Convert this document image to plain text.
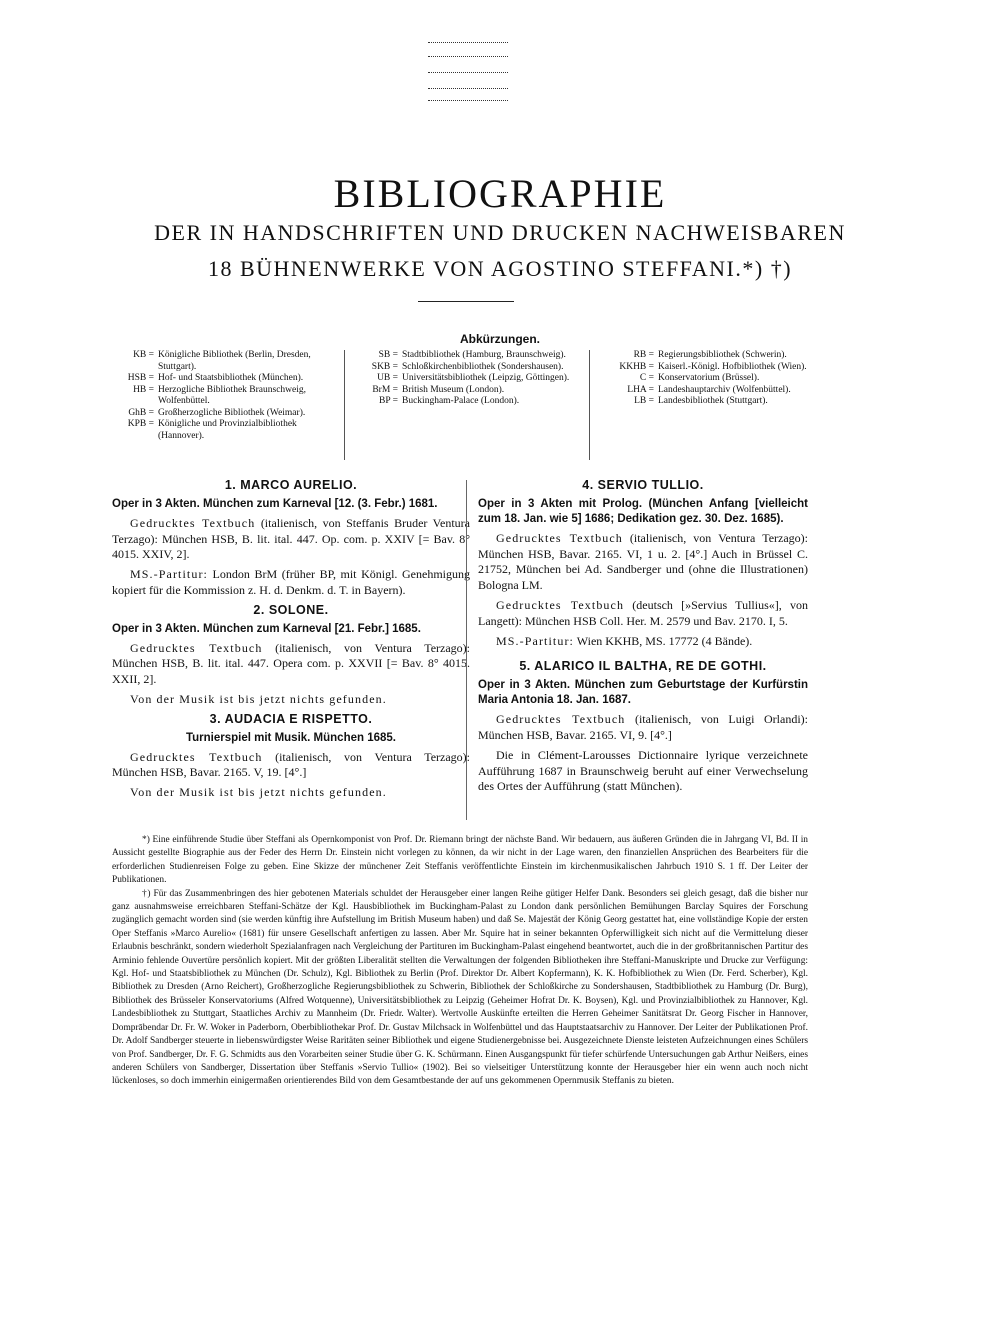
BIBLIOGRAPHIE
DER IN HANDSCHRIFTEN UND DRUCKEN NACHWEISBAREN
18 BÜHNENWERKE VON AGOSTINO STEFFANI.*) †)
Abkürzungen.
KB = Königliche Bibliothek (Berlin, Dresden, Stuttgart).
HSB = Hof- und Staatsbibliothek (München).
HB = Herzogliche Bibliothek Braunschweig, Wolfenbüttel.
GhB = Großherzogliche Bibliothek (Weimar).
KPB = Königliche und Provinzialbibliothek (Hannover).
SB = Stadtbibliothek (Hamburg, Braunschweig).
SKB = Schloßkirchenbibliothek (Sondershausen).
UB = Universitätsbibliothek (Leipzig, Göttingen).
BrM = British Museum (London).
BP = Buckingham-Palace (London).
RB = Regierungsbibliothek (Schwerin).
KKHB = Kaiserl.-Königl. Hofbibliothek (Wien).
C = Konservatorium (Brüssel).
LHA = Landeshauptarchiv (Wolfenbüttel).
LB = Landesbibliothek (Stuttgart).
1. MARCO AURELIO.
Oper in 3 Akten. München zum Karneval [12. (3. Febr.) 1681.

Gedrucktes Textbuch (italienisch, von Steffanis Bruder Ventura Terzago): München HSB, B. lit. ital. 447. Op. com. p. XXIV [= Bav. 8° 4015. XXIV, 2].

MS.-Partitur: London BrM (früher BP, mit Königl. Genehmigung kopiert für die Kommission z. H. d. Denkm. d. T. in Bayern).

2. SOLONE.
Oper in 3 Akten. München zum Karneval [21. Febr.] 1685.

Gedrucktes Textbuch (italienisch, von Ventura Terzago): München HSB, B. lit. ital. 447. Opera com. p. XXVII [= Bav. 8° 4015. XXII, 2].

Von der Musik ist bis jetzt nichts gefunden.

3. AUDACIA E RISPETTO.
Turnierspiel mit Musik. München 1685.

Gedrucktes Textbuch (italienisch, von Ventura Terzago): München HSB, Bavar. 2165. V, 19. [4°.]

Von der Musik ist bis jetzt nichts gefunden.

4. SERVIO TULLIO.
Oper in 3 Akten mit Prolog. (München Anfang [vielleicht zum 18. Jan. wie 5] 1686; Dedikation gez. 30. Dez. 1685).

Gedrucktes Textbuch (italienisch, von Ventura Terzago): München HSB, Bavar. 2165. VI, 1 u. 2. [4°.] Auch in Brüssel C. 21752, München bei Ad. Sandberger und (ohne die Illustrationen) Bologna LM.

Gedrucktes Textbuch (deutsch [»Servius Tullius«], von Langett): München HSB Coll. Her. M. 2579 und Bav. 2170. I, 5.

MS.-Partitur: Wien KKHB, MS. 17772 (4 Bände).

5. ALARICO IL BALTHA, RE DE GOTHI.
Oper in 3 Akten. München zum Geburtstage der Kurfürstin Maria Antonia 18. Jan. 1687.

Gedrucktes Textbuch (italienisch, von Luigi Orlandi): München HSB, Bavar. 2165. VI, 9. [4°.]

Die in Clément-Larousses Dictionnaire lyrique verzeichnete Aufführung 1687 in Braunschweig beruht auf einer Verwechselung des Ortes der Aufführung (statt München).

*) Eine einführende Studie über Steffani als Opernkomponist von Prof. Dr. Riemann bringt der nächste Band. Wir bedauern, aus äußeren Gründen die in Jahrgang VI, Bd. II in Aussicht gestellte Biographie aus der Feder des Herrn Dr. Einstein nicht vorlegen zu können, da wir nicht in der Lage waren, den finanziellen Ansprüchen des Bearbeiters für die erforderlichen Studienreisen Folge zu geben. Eine Skizze der münchener Zeit Steffanis veröffentlichte Einstein im kirchenmusikalischen Jahrbuch 1910 S. 1 ff. Der Leiter der Publikationen.

†) Für das Zusammenbringen des hier gebotenen Materials schuldet der Herausgeber einer langen Reihe gütiger Helfer Dank. Besonders sei gleich gesagt, daß die bisher nur ganz ausnahmsweise erreichbaren Steffani-Schätze der Kgl. Hausbibliothek im Buckingham-Palast zu London dank persönlichen Bemühungen Barclay Squires der Forschung zugänglich gemacht worden sind (sie werden künftig ihre Aufstellung im British Museum haben) und daß Se. Majestät der König Georg gestattet hat, eine vollständige Kopie der ersten Oper Steffanis »Marco Aurelio« (1681) für unsere Gesellschaft anfertigen zu lassen. Aber Mr. Squire hat in seiner bekannten Opferwilligkeit sich nicht auf die Vermittelung dieser Erlaubnis beschränkt, sondern wiederholt Spezialanfragen nach Vergleichung der Partituren im Buckingham-Palast eingehend beantwortet, auch die in der großbritannischen Partitur des Arminio fehlende Ouvertüre persönlich kopiert. Mit der größten Liberalität stellten die Verwaltungen der folgenden Bibliotheken ihre Steffani-Manuskripte und Drucke zur Verfügung: Kgl. Hof- und Staatsbibliothek zu München (Dr. Schulz), Kgl. Bibliothek zu Berlin (Prof. Direktor Dr. Albert Kopfermann), K. K. Hofbibliothek zu Wien (Dr. Ferd. Scherber), Kgl. Bibliothek zu Dresden (Arno Reichert), Großherzogliche Regierungsbibliothek zu Schwerin, Bibliothek der Schloßkirche zu Sondershausen, Stadtbibliothek zu Hamburg (Dr. Burg), Bibliothek des Brüsseler Konservatoriums (Alfred Wotquenne), Universitätsbibliothek zu Leipzig (Geheimer Hofrat Dr. K. Boysen), Kgl. und Provinzialbibliothek zu Hannover, Kgl. Landesbibliothek zu Stuttgart, Staatliches Archiv zu Mannheim (Dr. Friedr. Walter). Wertvolle Auskünfte erteilten die Herren Geheimer Sanitätsrat Dr. Georg Fischer in Hannover, Domprābendar Dr. Fr. W. Woker in Paderborn, Oberbibliothekar Prof. Dr. Gustav Milchsack in Wolfenbüttel und das Hauptstaatsarchiv zu Hannover. Der Leiter der Publikationen Prof. Dr. Adolf Sandberger steuerte in liebenswürdigster Weise Raritäten seiner Bibliothek und eigene Studienergebnisse bei. Ausgezeichnete Dienste leisteten Aufzeichnungen eines Schülers von Prof. Sandberger, Dr. F. G. Schmidts aus den Vorarbeiten seiner Studie über G. K. Schürmann. Einen Ausgangspunkt für tiefer schürfende Untersuchungen gab Arthur Neißers, eines anderen Schülers von Sandberger, Dissertation über Steffanis »Servio Tullio« (1902). Bei so vielseitiger Unterstützung konnte der Herausgeber hier ein wenn auch noch nicht lückenloses, so doch immerhin einigermaßen orientierendes Bild von dem Gesamtbestande der auf uns gekommenen Opernmusik Steffanis zu bieten.
